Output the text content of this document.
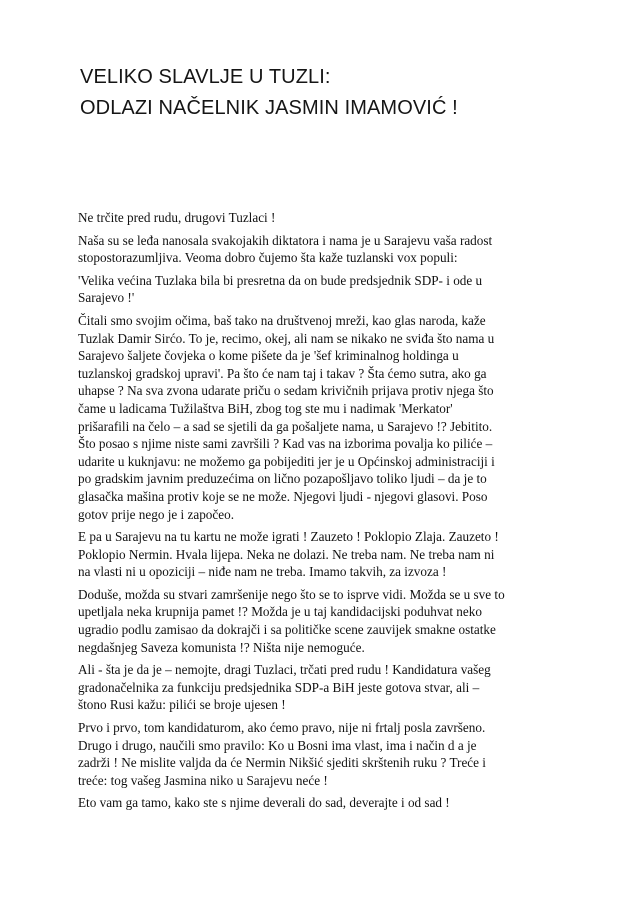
VELIKO SLAVLJE U TUZLI:
ODLAZI NAČELNIK JASMIN IMAMOVIĆ !
Ne trčite pred rudu, drugovi Tuzlaci !
Naša su se leđa nanosala svakojakih diktatora i nama je u Sarajevu vaša radost
stopostorazumljiva. Veoma dobro čujemo šta kaže tuzlanski vox populi:
'Velika većina Tuzlaka bila bi presretna da on bude predsjednik SDP- i ode u
Sarajevo !'
Čitali smo svojim očima, baš tako na društvenoj mreži, kao glas naroda, kaže
Tuzlak Damir Sirćo. To je, recimo, okej, ali nam se nikako ne sviđa što nama u
Sarajevo šaljete čovjeka o kome pišete da je 'šef kriminalnog holdinga u
tuzlanskoj gradskoj upravi'. Pa što će nam taj i takav ? Šta ćemo sutra, ako ga
uhapse ? Na sva zvona udarate priču o sedam krivičnih prijava protiv njega što
čame u ladicama Tužilaštva BiH, zbog tog ste mu i nadimak 'Merkator'
prišarafili na čelo – a sad se sjetili da ga pošaljete nama, u Sarajevo !? Jebitito.
Što posao s njime niste sami završili ? Kad vas na izborima povalja ko piliće –
udarite u kuknjavu: ne možemo ga pobijediti jer je u Općinskoj administraciji i
po gradskim javnim preduzećima on lično pozapošljavo toliko ljudi – da je to
glasačka mašina protiv koje se ne može. Njegovi ljudi - njegovi glasovi. Poso
gotov prije nego je i započeo.
E pa u Sarajevu na tu kartu ne može igrati ! Zauzeto ! Poklopio Zlaja. Zauzeto !
Poklopio Nermin. Hvala lijepa. Neka ne dolazi. Ne treba nam. Ne treba nam ni
na vlasti ni u opoziciji – niđe nam ne treba. Imamo takvih, za izvoza !
Doduše, možda su stvari zamršenije nego što se to isprve vidi. Možda se u sve to
upetljala neka krupnija pamet !? Možda je u taj kandidacijski poduhvat neko
ugradio podlu zamisao da dokrajči i sa političke scene zauvijek smakne ostatke
negdašnjeg Saveza komunista !? Ništa nije nemoguće.
Ali - šta je da je – nemojte, dragi Tuzlaci, trčati pred rudu ! Kandidatura vašeg
gradonačelnika za funkciju predsjednika SDP-a BiH jeste gotova stvar, ali –
štono Rusi kažu: pilići se broje ujesen !
Prvo i prvo, tom kandidaturom, ako ćemo pravo, nije ni frtalj posla završeno.
Drugo i drugo, naučili smo pravilo: Ko u Bosni ima vlast, ima i način d a je
zadrži ! Ne mislite valjda da će Nermin Nikšić sjediti skrštenih ruku ? Treće i
treće: tog vašeg Jasmina niko u Sarajevu neće !
Eto vam ga tamo, kako ste s njime deverali do sad, deverajte i od sad !
